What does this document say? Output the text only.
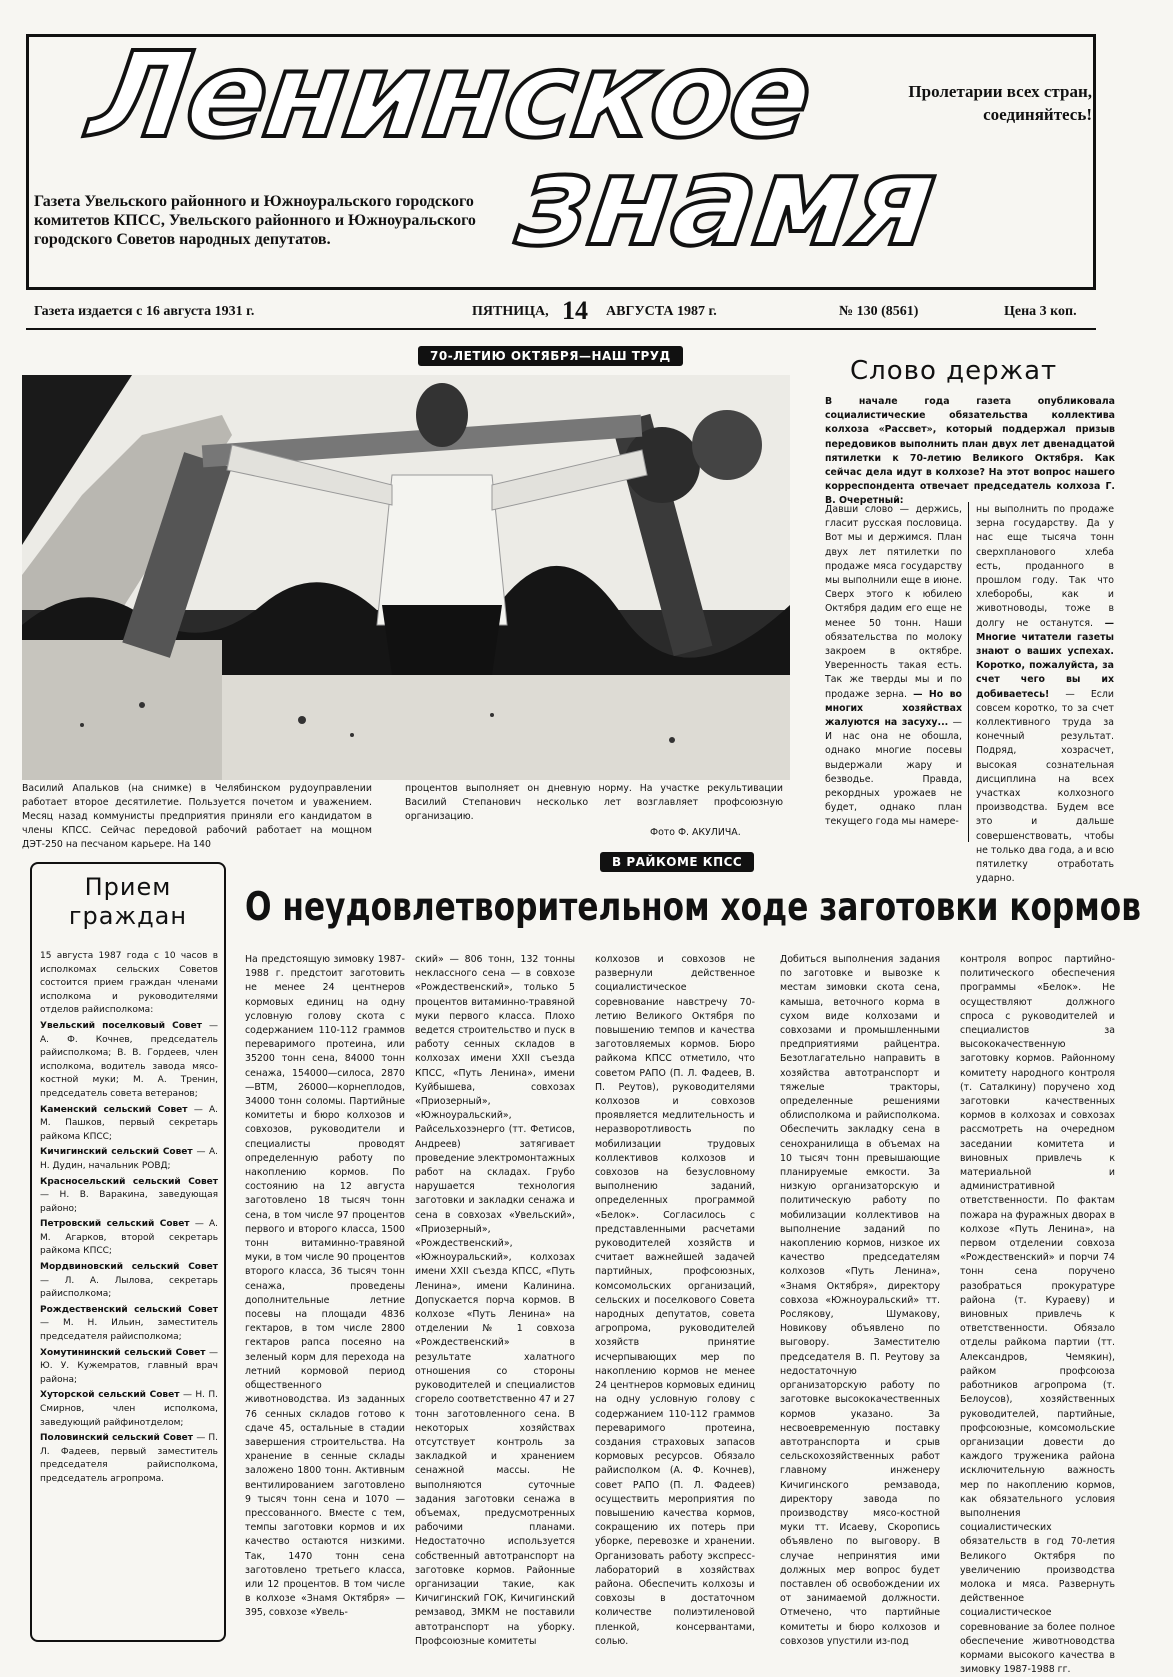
Ленинское
знамя
Пролетарии всех стран, соединяйтесь!
Газета Увельского районного и Южноуральского городского комитетов КПСС, Увельского районного и Южноуральского городского Советов народных депутатов.
Газета издается с 16 августа 1931 г.	ПЯТНИЦА, 14 АВГУСТА 1987 г.	№ 130 (8561)	Цена 3 коп.
70-ЛЕТИЮ ОКТЯБРЯ—НАШ ТРУД
Василий Апальков (на снимке) в Челябинском рудоуправлении работает второе десятилетие. Пользуется почетом и уважением. Месяц назад коммунисты предприятия приняли его кандидатом в члены КПСС. Сейчас передовой рабочий работает на мощном ДЭТ-250 на песчаном карьере. На 140
процентов выполняет он дневную норму. На участке рекультивации Василий Степанович несколько лет возглавляет профсоюзную организацию.
Фото Ф. АКУЛИЧА.
Слово держат
В начале года газета опубликовала социалистические обязательства коллектива колхоза «Рассвет», который поддержал призыв передовиков выполнить план двух лет двенадцатой пятилетки к 70-летию Великого Октября. Как сейчас дела идут в колхозе? На этот вопрос нашего корреспондента отвечает председатель колхоза Г. В. Очеретный:
Давши слово — держись, гласит русская пословица. Вот мы и держимся. План двух лет пятилетки по продаже мяса государству мы выполнили еще в июне. Сверх этого к юбилею Октября дадим его еще не менее 50 тонн. Наши обязательства по молоку закроем в октябре. Уверенность такая есть. Так же тверды мы и по продаже зерна. — Но во многих хозяйствах жалуются на засуху... — И нас она не обошла, однако многие посевы выдержали жару и безводье. Правда, рекордных урожаев не будет, однако план текущего года мы намере-
ны выполнить по продаже зерна государству. Да у нас еще тысяча тонн сверхпланового хлеба есть, проданного в прошлом году. Так что хлеборобы, как и животноводы, тоже в долгу не останутся. — Многие читатели газеты знают о ваших успехах. Коротко, пожалуйста, за счет чего вы их добиваетесь! — Если совсем коротко, то за счет коллективного труда за конечный результат. Подряд, хозрасчет, высокая сознательная дисциплина на всех участках колхозного производства. Будем все это и дальше совершенствовать, чтобы не только два года, а и всю пятилетку отработать ударно.
В РАЙКОМЕ КПСС
О неудовлетворительном ходе заготовки кормов
На предстоящую зимовку 1987-1988 г. предстоит заготовить не менее 24 центнеров кормовых единиц на одну условную голову скота с содержанием 110-112 граммов переваримого протеина, или 35200 тонн сена, 84000 тонн сенажа, 154000—силоса, 2870—ВТМ, 26000—корнеплодов, 34000 тонн соломы. Партийные комитеты и бюро колхозов и совхозов, руководители и специалисты проводят определенную работу по накоплению кормов. По состоянию на 12 августа заготовлено 18 тысяч тонн сена, в том числе 97 процентов первого и второго класса, 1500 тонн витаминно-травяной муки, в том числе 90 процентов второго класса, 36 тысяч тонн сенажа, проведены дополнительные летние посевы на площади 4836 гектаров, в том числе 2800 гектаров рапса посеяно на зеленый корм для перехода на летний кормовой период общественного животноводства. Из заданных 76 сенных складов готово к сдаче 45, остальные в стадии завершения строительства. На хранение в сенные склады заложено 1800 тонн. Активным вентилированием заготовлено 9 тысяч тонн сена и 1070 — прессованного. Вместе с тем, темпы заготовки кормов и их качество остаются низкими. Так, 1470 тонн сена заготовлено третьего класса, или 12 процентов. В том числе в колхозе «Знамя Октября» — 395, совхозе «Увель-
ский» — 806 тонн, 132 тонны неклассного сена — в совхозе «Рождественский», только 5 процентов витаминно-травяной муки первого класса. Плохо ведется строительство и пуск в работу сенных складов в колхозах имени XXII съезда КПСС, «Путь Ленина», имени Куйбышева, совхозах «Приозерный», «Южноуральский», Райсельхозэнерго (тт. Фетисов, Андреев) затягивает проведение электромонтажных работ на складах. Грубо нарушается технология заготовки и закладки сенажа и сена в совхозах «Увельский», «Приозерный», «Рождественский», «Южноуральский», колхозах имени XXII съезда КПСС, «Путь Ленина», имени Калинина. Допускается порча кормов. В колхозе «Путь Ленина» на отделении № 1 совхоза «Рождественский» в результате халатного отношения со стороны руководителей и специалистов сгорело соответственно 47 и 27 тонн заготовленного сена. В некоторых хозяйствах отсутствует контроль за закладкой и хранением сенажной массы. Не выполняются суточные задания заготовки сенажа в объемах, предусмотренных рабочими планами. Недостаточно используется собственный автотранспорт на заготовке кормов. Районные организации такие, как Кичигинский ГОК, Кичигинский ремзавод, ЗМКМ не поставили автотранспорт на уборку. Профсоюзные комитеты
колхозов и совхозов не развернули действенное социалистическое соревнование навстречу 70-летию Великого Октября по повышению темпов и качества заготовляемых кормов. Бюро райкома КПСС отметило, что советом РАПО (П. Л. Фадеев, В. П. Реутов), руководителями колхозов и совхозов проявляется медлительность и неразворотливость по мобилизации трудовых коллективов колхозов и совхозов на безусловному выполнению заданий, определенных программой «Белок». Согласилось с представленными расчетами руководителей хозяйств и считает важнейшей задачей партийных, профсоюзных, комсомольских организаций, сельских и поселкового Совета народных депутатов, совета агропрома, руководителей хозяйств принятие исчерпывающих мер по накоплению кормов не менее 24 центнеров кормовых единиц на одну условную голову с содержанием 110-112 граммов переваримого протеина, создания страховых запасов кормовых ресурсов. Обязало райисполком (А. Ф. Кочнев), совет РАПО (П. Л. Фадеев) осуществить мероприятия по повышению качества кормов, сокращению их потерь при уборке, перевозке и хранении. Организовать работу экспресс-лабораторий в хозяйствах района. Обеспечить колхозы и совхозы в достаточном количестве полиэтиленовой пленкой, консервантами, солью.
Добиться выполнения задания по заготовке и вывозке к местам зимовки скота сена, камыша, веточного корма в сухом виде колхозами и совхозами и промышленными предприятиями райцентра. Безотлагательно направить в хозяйства автотранспорт и тяжелые тракторы, определенные решениями облисполкома и райисполкома. Обеспечить закладку сена в сенохранилища в объемах на 10 тысяч тонн превышающие планируемые емкости. За низкую организаторскую и политическую работу по мобилизации коллективов на выполнение заданий по накоплению кормов, низкое их качество председателям колхозов «Путь Ленина», «Знамя Октября», директору совхоза «Южноуральский» тт. Рослякову, Шумакову, Новикову объявлено по выговору. Заместителю председателя В. П. Реутову за недостаточную организаторскую работу по заготовке высококачественных кормов указано. За несвоевременную поставку автотранспорта и срыв сельскохозяйственных работ главному инженеру Кичигинского ремзавода, директору завода по производству мясо-костной муки тт. Исаеву, Скоропись объявлено по выговору. В случае непринятия ими должных мер вопрос будет поставлен об освобождении их от занимаемой должности. Отмечено, что партийные комитеты и бюро колхозов и совхозов упустили из-под
контроля вопрос партийно-политического обеспечения программы «Белок». Не осуществляют должного спроса с руководителей и специалистов за высококачественную заготовку кормов. Районному комитету народного контроля (т. Саталкину) поручено ход заготовки качественных кормов в колхозах и совхозах рассмотреть на очередном заседании комитета и виновных привлечь к материальной и административной ответственности. По фактам пожара на фуражных дворах в колхозе «Путь Ленина», на первом отделении совхоза «Рождественский» и порчи 74 тонн сена поручено разобраться прокуратуре района (т. Кураеву) и виновных привлечь к ответственности. Обязало отделы райкома партии (тт. Александров, Чемякин), райком профсоюза работников агропрома (т. Белоусов), хозяйственных руководителей, партийные, профсоюзные, комсомольские организации довести до каждого труженика района исключительную важность мер по накоплению кормов, как обязательного условия выполнения социалистических обязательств в год 70-летия Великого Октября по увеличению производства молока и мяса. Развернуть действенное социалистическое соревнование за более полное обеспечение животноводства кормами высокого качества в зимовку 1987-1988 гг.
Прием граждан
15 августа 1987 года с 10 часов в исполкомах сельских Советов состоится прием граждан членами исполкома и руководителями отделов райисполкома:
Увельский поселковый Совет — А. Ф. Кочнев, председатель райисполкома; В. В. Гордеев, член исполкома, водитель завода мясо-костной муки; М. А. Тренин, председатель совета ветеранов;
Каменский сельский Совет — А. М. Пашков, первый секретарь райкома КПСС;
Кичигинский сельский Совет — А. Н. Дудин, начальник РОВД;
Красносельский сельский Совет — Н. В. Варакина, заведующая районо;
Петровский сельский Совет — А. М. Агарков, второй секретарь райкома КПСС;
Мордвиновский сельский Совет — Л. А. Лылова, секретарь райисполкома;
Рождественский сельский Совет — М. Н. Ильин, заместитель председателя райисполкома;
Хомутининский сельский Совет — Ю. У. Кужемратов, главный врач района;
Хуторской сельский Совет — Н. П. Смирнов, член исполкома, заведующий райфинотделом;
Половинский сельский Совет — П. Л. Фадеев, первый заместитель председателя райисполкома, председатель агропрома.
